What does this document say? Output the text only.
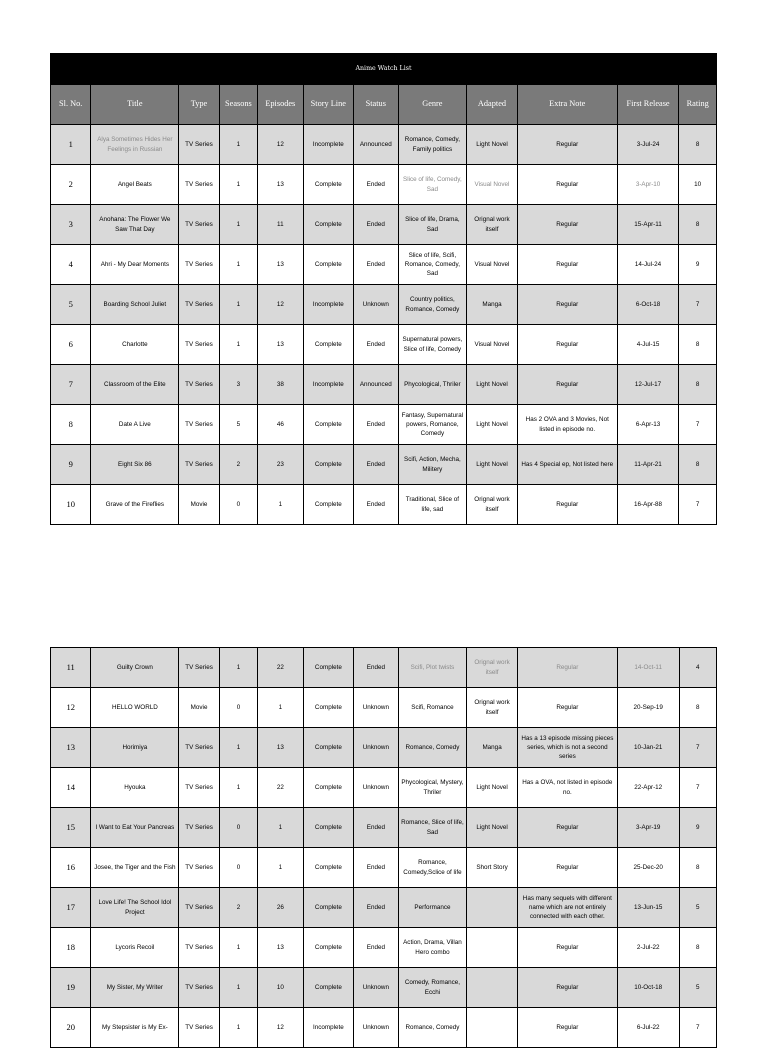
Anime Watch List											
Sl. No.	Title	Type	Seasons	Episodes	Story Line	Status	Genre	Adapted	Extra Note	First Release	Rating
1	Alya Sometimes Hides Her Feelings in Russian	TV Series	1	12	Incomplete	Announced	Romance, Comedy, Family politics	Light Novel	Regular	3-Jul-24	8
2	Angel Beats	TV Series	1	13	Complete	Ended	Slice of life, Comedy, Sad	Visual Novel	Regular	3-Apr-10	10
3	Anohana: The Flower We Saw That Day	TV Series	1	11	Complete	Ended	Slice of life, Drama, Sad	Orignal work itself	Regular	15-Apr-11	8
4	Ahri - My Dear Moments	TV Series	1	13	Complete	Ended	Slice of life, Scifi, Romance, Comedy, Sad	Visual Novel	Regular	14-Jul-24	9
5	Boarding School Juliet	TV Series	1	12	Incomplete	Unknown	Country politics, Romance, Comedy	Manga	Regular	6-Oct-18	7
6	Charlotte	TV Series	1	13	Complete	Ended	Supernatural powers, Slice of life, Comedy	Visual Novel	Regular	4-Jul-15	8
7	Classroom of the Elite	TV Series	3	38	Incomplete	Announced	Phycological, Thriler	Light Novel	Regular	12-Jul-17	8
8	Date A Live	TV Series	5	46	Complete	Ended	Fantasy, Supernatural powers, Romance, Comedy	Light Novel	Has 2 OVA and 3 Movies, Not listed in episode no.	6-Apr-13	7
9	Eight Six 86	TV Series	2	23	Complete	Ended	Scifi, Action, Mecha, Militery	Light Novel	Has 4 Special ep, Not listed here	11-Apr-21	8
10	Grave of the Fireflies	Movie	0	1	Complete	Ended	Traditional, Slice of life, sad	Orignal work itself	Regular	16-Apr-88	7
11	Guilty Crown	TV Series	1	22	Complete	Ended	Scifi, Plot twists	Orignal work itself	Regular	14-Oct-11	4
12	HELLO WORLD	Movie	0	1	Complete	Unknown	Scifi, Romance	Orignal work itself	Regular	20-Sep-19	8
13	Horimiya	TV Series	1	13	Complete	Unknown	Romance, Comedy	Manga	Has a 13 episode missing pieces series, which is not a second series	10-Jan-21	7
14	Hyouka	TV Series	1	22	Complete	Unknown	Phycological, Mystery, Thriler	Light Novel	Has a OVA, not listed in episode no.	22-Apr-12	7
15	I Want to Eat Your Pancreas	TV Series	0	1	Complete	Ended	Romance, Slice of life, Sad	Light Novel	Regular	3-Apr-19	9
16	Josee, the Tiger and the Fish	TV Series	0	1	Complete	Ended	Romance, Comedy,Sclice of life	Short Story	Regular	25-Dec-20	8
17	Love Life! The School Idol Project	TV Series	2	26	Complete	Ended	Performance		Has many sequels with different name which are not entirely connected with each other.	13-Jun-15	5
18	Lycoris Recoil	TV Series	1	13	Complete	Ended	Action, Drama, Villan Hero combo		Regular	2-Jul-22	8
19	My Sister, My Writer	TV Series	1	10	Complete	Unknown	Comedy, Romance, Ecchi		Regular	10-Oct-18	5
20	My Stepsister is My Ex-	TV Series	1	12	Incomplete	Unknown	Romance, Comedy		Regular	6-Jul-22	7
